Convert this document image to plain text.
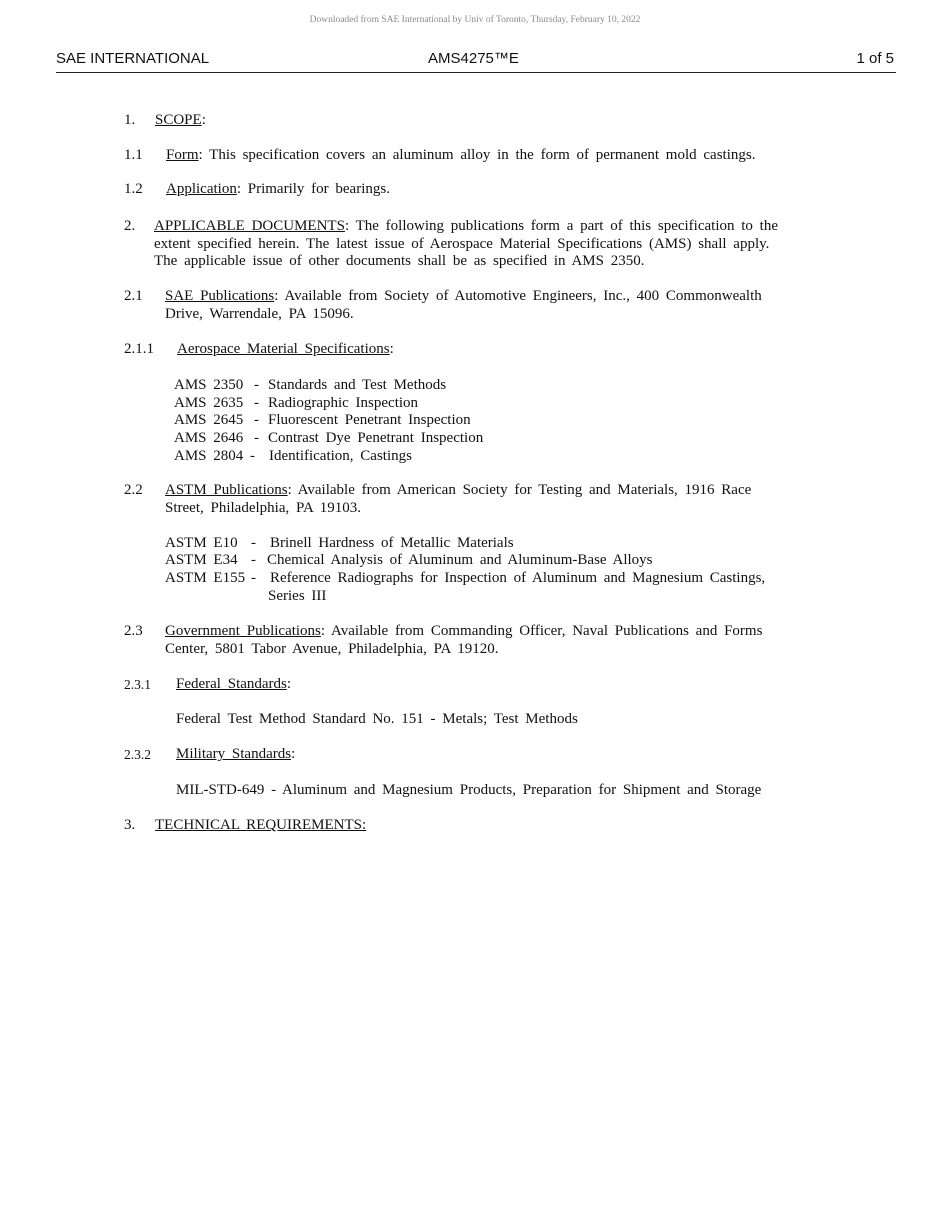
Downloaded from SAE International by Univ of Toronto, Thursday, February 10, 2022
SAE INTERNATIONAL	AMS4275™E	1 of 5
1. SCOPE:
1.1 Form: This specification covers an aluminum alloy in the form of permanent mold castings.
1.2 Application: Primarily for bearings.
2. APPLICABLE DOCUMENTS: The following publications form a part of this specification to the
extent specified herein. The latest issue of Aerospace Material Specifications (AMS) shall apply.
The applicable issue of other documents shall be as specified in AMS 2350.
2.1 SAE Publications: Available from Society of Automotive Engineers, Inc., 400 Commonwealth
Drive, Warrendale, PA 15096.
2.1.1 Aerospace Material Specifications:
AMS 2350 - Standards and Test Methods
AMS 2635 - Radiographic Inspection
AMS 2645 - Fluorescent Penetrant Inspection
AMS 2646 - Contrast Dye Penetrant Inspection
AMS 2804 - Identification, Castings
2.2 ASTM Publications: Available from American Society for Testing and Materials, 1916 Race
Street, Philadelphia, PA 19103.
ASTM E10 - Brinell Hardness of Metallic Materials
ASTM E34 - Chemical Analysis of Aluminum and Aluminum-Base Alloys
ASTM E155 - Reference Radiographs for Inspection of Aluminum and Magnesium Castings,
Series III
2.3 Government Publications: Available from Commanding Officer, Naval Publications and Forms
Center, 5801 Tabor Avenue, Philadelphia, PA 19120.
2.3.1 Federal Standards:
Federal Test Method Standard No. 151 - Metals; Test Methods
2.3.2 Military Standards:
MIL-STD-649 - Aluminum and Magnesium Products, Preparation for Shipment and Storage
3. TECHNICAL REQUIREMENTS:
